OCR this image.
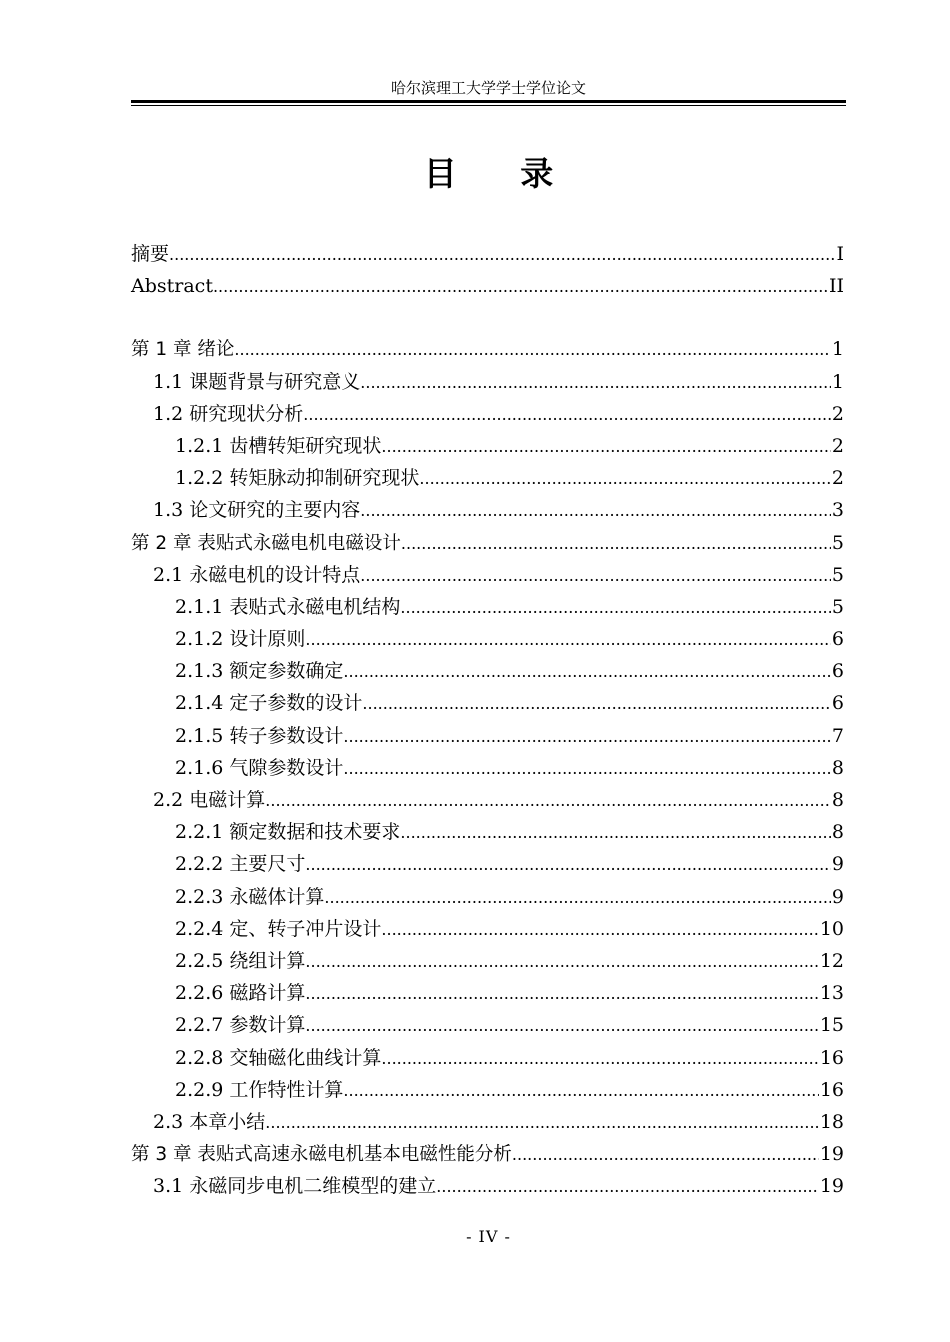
哈尔滨理工大学学士学位论文
目 录
摘要 .....	I
Abstract .....	II
第 1 章 绪论 .....	1
1.1 课题背景与研究意义 .....	1
1.2 研究现状分析 .....	2
1.2.1 齿槽转矩研究现状 .....	2
1.2.2 转矩脉动抑制研究现状 .....	2
1.3 论文研究的主要内容 .....	3
第 2 章 表贴式永磁电机电磁设计 .....	5
2.1 永磁电机的设计特点 .....	5
2.1.1 表贴式永磁电机结构 .....	5
2.1.2 设计原则 .....	6
2.1.3 额定参数确定 .....	6
2.1.4 定子参数的设计 .....	6
2.1.5 转子参数设计 .....	7
2.1.6 气隙参数设计 .....	8
2.2 电磁计算 .....	8
2.2.1 额定数据和技术要求 .....	8
2.2.2 主要尺寸 .....	9
2.2.3 永磁体计算 .....	9
2.2.4 定、转子冲片设计 .....	10
2.2.5 绕组计算 .....	12
2.2.6 磁路计算 .....	13
2.2.7 参数计算 .....	15
2.2.8 交轴磁化曲线计算 .....	16
2.2.9 工作特性计算 .....	16
2.3 本章小结 .....	18
第 3 章 表贴式高速永磁电机基本电磁性能分析 .....	19
3.1 永磁同步电机二维模型的建立 .....	19
- IV -
